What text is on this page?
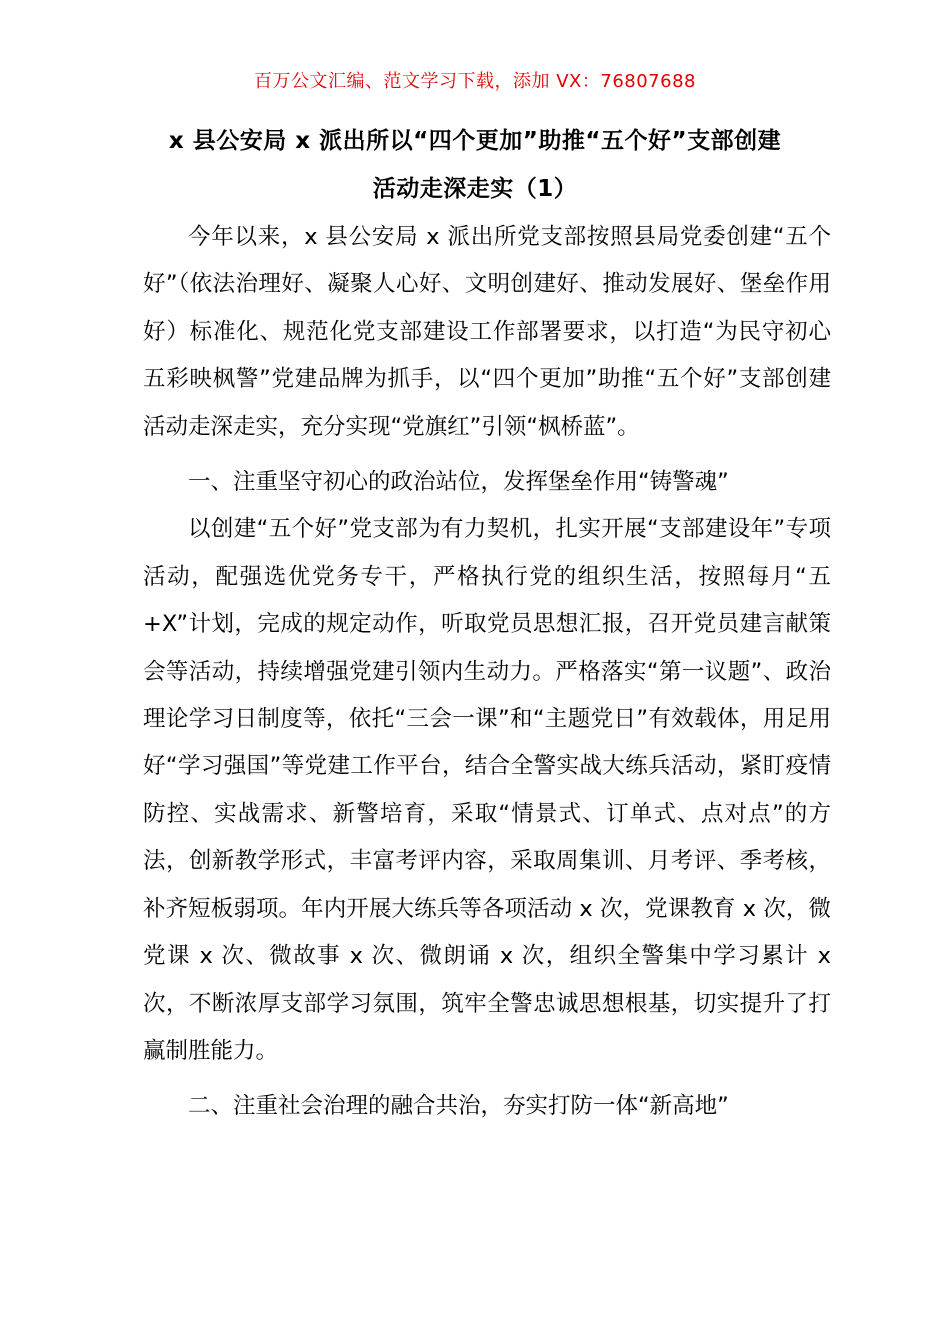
百万公文汇编、范文学习下载，添加 VX：76807688
x 县公安局 x 派出所以“四个更加”助推“五个好”支部创建
活动走深走实（1）

今年以来，x 县公安局 x 派出所党支部按照县局党委创建“五个好”（依法治理好、凝聚人心好、文明创建好、推动发展好、堡垒作用好）标准化、规范化党支部建设工作部署要求，以打造“为民守初心 五彩映枫警”党建品牌为抓手，以“四个更加”助推“五个好”支部创建活动走深走实，充分实现“党旗红”引领“枫桥蓝”。

一、注重坚守初心的政治站位，发挥堡垒作用“铸警魂”

以创建“五个好”党支部为有力契机，扎实开展“支部建设年”专项活动，配强选优党务专干，严格执行党的组织生活，按照每月“五+X”计划，完成的规定动作，听取党员思想汇报，召开党员建言献策会等活动，持续增强党建引领内生动力。严格落实“第一议题”、政治理论学习日制度等，依托“三会一课”和“主题党日”有效载体，用足用好“学习强国”等党建工作平台，结合全警实战大练兵活动，紧盯疫情防控、实战需求、新警培育，采取“情景式、订单式、点对点”的方法，创新教学形式，丰富考评内容，采取周集训、月考评、季考核，补齐短板弱项。年内开展大练兵等各项活动 x 次，党课教育 x 次，微党课 x 次、微故事 x 次、微朗诵 x 次，组织全警集中学习累计 x 次，不断浓厚支部学习氛围，筑牢全警忠诚思想根基，切实提升了打赢制胜能力。

二、注重社会治理的融合共治，夯实打防一体“新高地”
